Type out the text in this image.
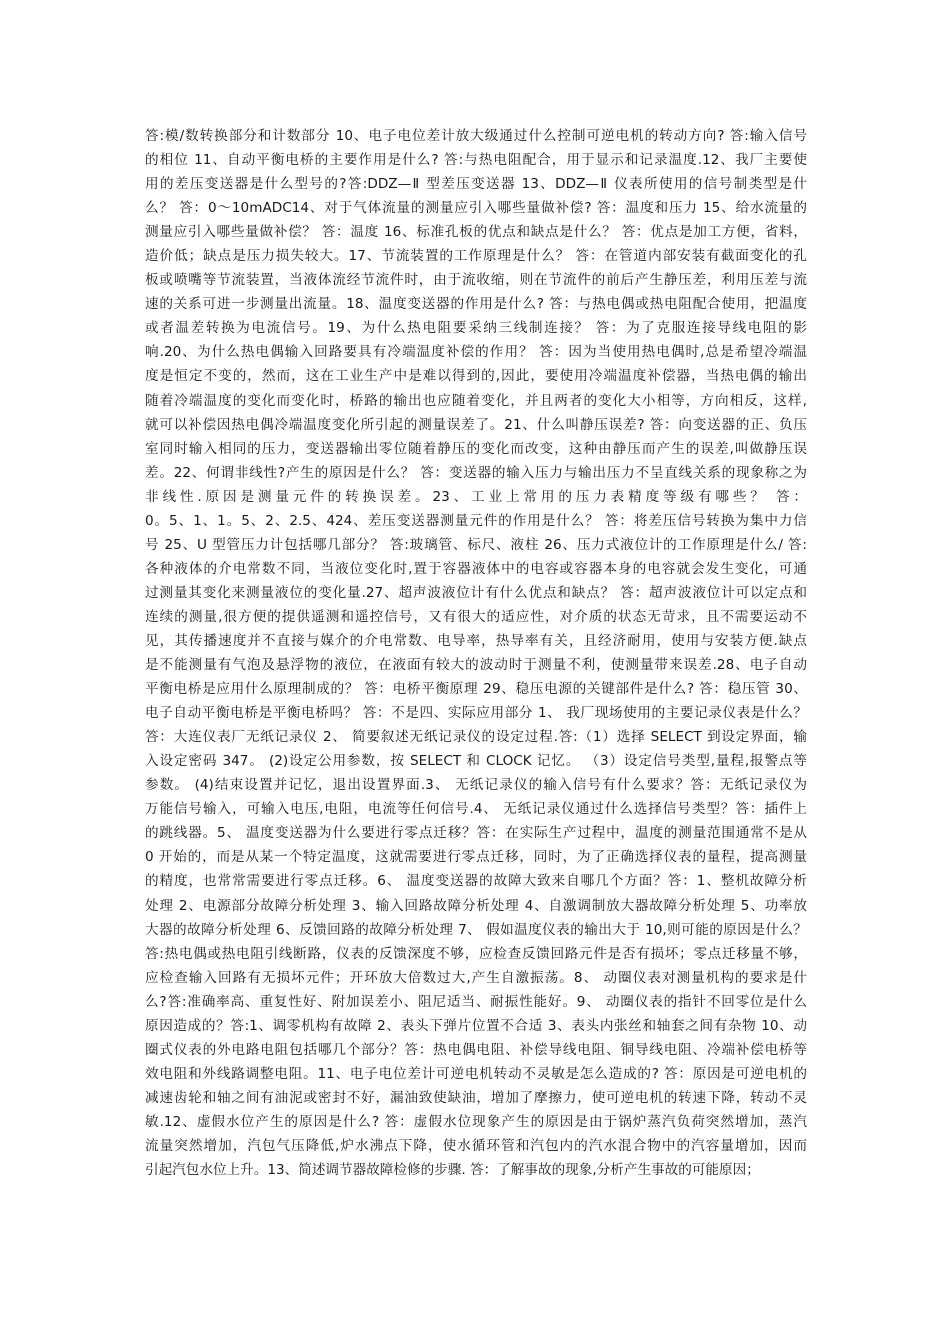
答:模/数转换部分和计数部分 10、电子电位差计放大级通过什么控制可逆电机的转动方向? 答:输入信号
的相位 11、自动平衡电桥的主要作用是什么? 答:与热电阻配合，用于显示和记录温度.12、我厂主要使
用的差压变送器是什么型号的?答:DDZ—Ⅱ 型差压变送器 13、DDZ—Ⅱ 仪表所使用的信号制类型是什
么？ 答：0～10mADC14、对于气体流量的测量应引入哪些量做补偿? 答：温度和压力 15、给水流量的
测量应引入哪些量做补偿？ 答：温度 16、标准孔板的优点和缺点是什么？ 答：优点是加工方便，省料，
造价低；缺点是压力损失较大。17、节流装置的工作原理是什么？ 答：在管道内部安装有截面变化的孔
板或喷嘴等节流装置，当液体流经节流件时，由于流收缩，则在节流件的前后产生静压差，利用压差与流
速的关系可进一步测量出流量。18、温度变送器的作用是什么? 答：与热电偶或热电阻配合使用，把温度
或者温差转换为电流信号。19、为什么热电阻要采纳三线制连接？ 答：为了克服连接导线电阻的影
响.20、为什么热电偶输入回路要具有冷端温度补偿的作用？ 答：因为当使用热电偶时,总是希望冷端温
度是恒定不变的，然而，这在工业生产中是难以得到的,因此，要使用冷端温度补偿器，当热电偶的输出
随着冷端温度的变化而变化时，桥路的输出也应随着变化，并且两者的变化大小相等，方向相反，这样,
就可以补偿因热电偶冷端温度变化所引起的测量误差了。21、什么叫静压误差? 答：向变送器的正、负压
室同时输入相同的压力，变送器输出零位随着静压的变化而改变，这种由静压而产生的误差,叫做静压误
差。22、何谓非线性?产生的原因是什么？ 答：变送器的输入压力与输出压力不呈直线关系的现象称之为
非线性.原因是测量元件的转换误差。23、工业上常用的压力表精度等级有哪些？ 答：
0。5、1、1。5、2、2.5、424、差压变送器测量元件的作用是什么？ 答：将差压信号转换为集中力信
号 25、U 型管压力计包括哪几部分？ 答:玻璃管、标尺、液柱 26、压力式液位计的工作原理是什么/ 答:
各种液体的介电常数不同，当液位变化时,置于容器液体中的电容或容器本身的电容就会发生变化，可通
过测量其变化来测量液位的变化量.27、超声波液位计有什么优点和缺点？ 答：超声波液位计可以定点和
连续的测量,很方便的提供遥测和遥控信号，又有很大的适应性，对介质的状态无苛求，且不需要运动不
见，其传播速度并不直接与媒介的介电常数、电导率，热导率有关，且经济耐用，使用与安装方便.缺点
是不能测量有气泡及悬浮物的液位，在液面有较大的波动时于测量不利，使测量带来误差.28、电子自动
平衡电桥是应用什么原理制成的？ 答：电桥平衡原理 29、稳压电源的关键部件是什么? 答：稳压管 30、
电子自动平衡电桥是平衡电桥吗？ 答：不是四、实际应用部分 1、 我厂现场使用的主要记录仪表是什么？
答：大连仪表厂无纸记录仪 2、 简要叙述无纸记录仪的设定过程.答:（1）选择 SELECT 到设定界面，输
入设定密码 347。 (2)设定公用参数，按 SELECT 和 CLOCK 记忆。 （3）设定信号类型,量程,报警点等
参数。 (4)结束设置并记忆，退出设置界面.3、 无纸记录仪的输入信号有什么要求？答：无纸记录仪为
万能信号输入，可输入电压,电阻，电流等任何信号.4、 无纸记录仪通过什么选择信号类型？答：插件上
的跳线器。5、 温度变送器为什么要进行零点迁移？答：在实际生产过程中，温度的测量范围通常不是从
0 开始的，而是从某一个特定温度，这就需要进行零点迁移，同时，为了正确选择仪表的量程，提高测量
的精度，也常常需要进行零点迁移。6、 温度变送器的故障大致来自哪几个方面？答：1、整机故障分析
处理 2、电源部分故障分析处理 3、输入回路故障分析处理 4、自激调制放大器故障分析处理 5、功率放
大器的故障分析处理 6、反馈回路的故障分析处理 7、 假如温度仪表的输出大于 10,则可能的原因是什么？
答:热电偶或热电阻引线断路，仪表的反馈深度不够，应检查反馈回路元件是否有损坏；零点迁移量不够，
应检查输入回路有无损坏元件；开环放大倍数过大,产生自激振荡。8、 动圈仪表对测量机构的要求是什
么?答:准确率高、重复性好、附加误差小、阻尼适当、耐振性能好。9、 动圈仪表的指针不回零位是什么
原因造成的？答:1、调零机构有故障 2、表头下弹片位置不合适 3、表头内张丝和轴套之间有杂物 10、动
圈式仪表的外电路电阻包括哪几个部分？答：热电偶电阻、补偿导线电阻、铜导线电阻、冷端补偿电桥等
效电阻和外线路调整电阻。11、电子电位差计可逆电机转动不灵敏是怎么造成的? 答：原因是可逆电机的
减速齿轮和轴之间有油泥或密封不好，漏油致使缺油，增加了摩擦力，使可逆电机的转速下降，转动不灵
敏.12、虚假水位产生的原因是什么? 答：虚假水位现象产生的原因是由于锅炉蒸汽负荷突然增加，蒸汽
流量突然增加，汽包气压降低,炉水沸点下降，使水循环管和汽包内的汽水混合物中的汽容量增加，因而
引起汽包水位上升。13、简述调节器故障检修的步骤. 答：了解事故的现象,分析产生事故的可能原因；
